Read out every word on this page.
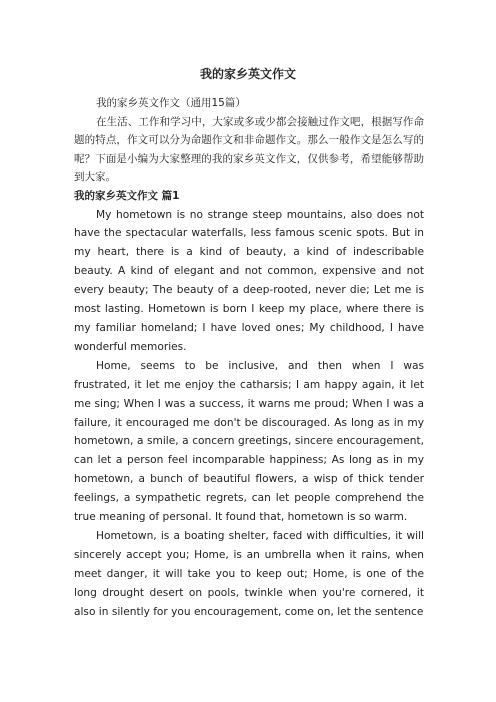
我的家乡英文作文

我的家乡英文作文（通用15篇）

在生活、工作和学习中，大家或多或少都会接触过作文吧，根据写作命题的特点，作文可以分为命题作文和非命题作文。那么一般作文是怎么写的呢？下面是小编为大家整理的我的家乡英文作文，仅供参考，希望能够帮助到大家。

我的家乡英文作文 篇1

My hometown is no strange steep mountains, also does not have the spectacular waterfalls, less famous scenic spots. But in my heart, there is a kind of beauty, a kind of indescribable beauty. A kind of elegant and not common, expensive and not every beauty; The beauty of a deep-rooted, never die; Let me is most lasting. Hometown is born I keep my place, where there is my familiar homeland; I have loved ones; My childhood, I have wonderful memories.

Home, seems to be inclusive, and then when I was frustrated, it let me enjoy the catharsis; I am happy again, it let me sing; When I was a success, it warns me proud; When I was a failure, it encouraged me don't be discouraged. As long as in my hometown, a smile, a concern greetings, sincere encouragement, can let a person feel incomparable happiness; As long as in my hometown, a bunch of beautiful flowers, a wisp of thick tender feelings, a sympathetic regrets, can let people comprehend the true meaning of personal. It found that, hometown is so warm.

Hometown, is a boating shelter, faced with difficulties, it will sincerely accept you; Home, is an umbrella when it rains, when meet danger, it will take you to keep out; Home, is one of the long drought desert on pools, twinkle when you're cornered, it also in silently for you encouragement, come on, let the sentence
